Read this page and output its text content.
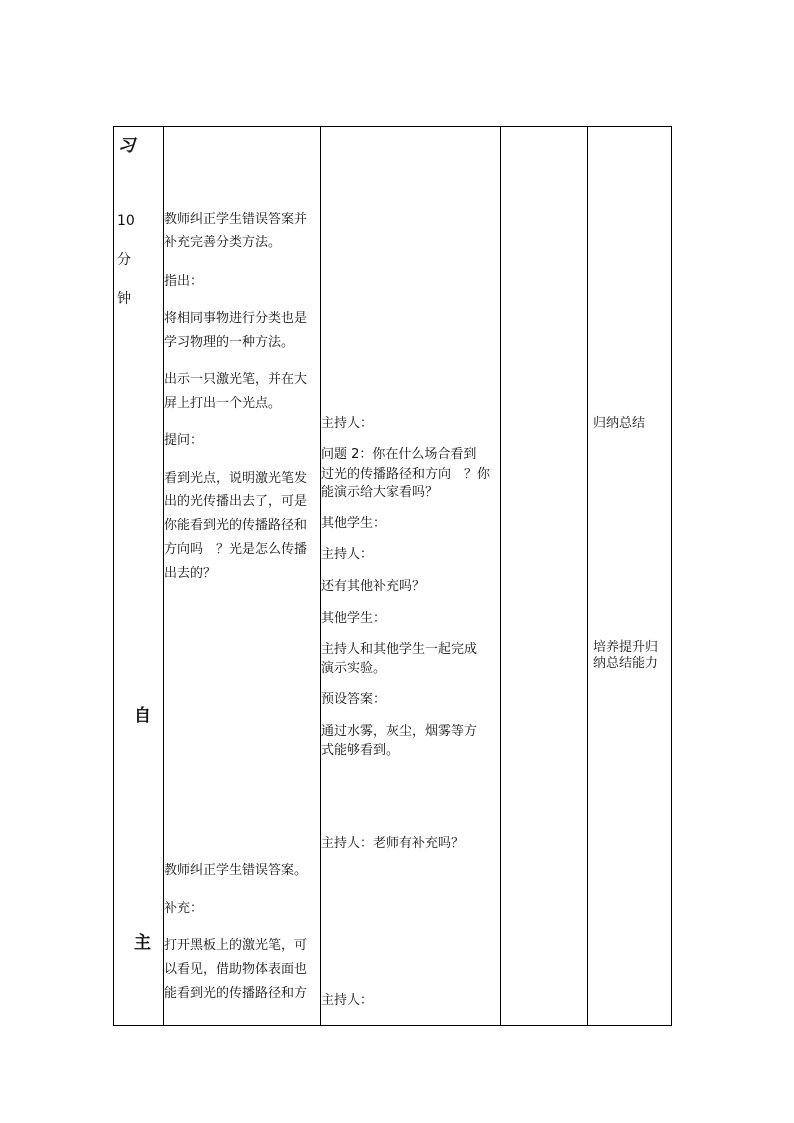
习
10
分
钟
自
主
教师纠正学生错误答案并
补充完善分类方法。
指出：
将相同事物进行分类也是
学习物理的一种方法。
出示一只激光笔，并在大
屏上打出一个光点。
提问：
看到光点，说明激光笔发
出的光传播出去了，可是
你能看到光的传播路径和
方向吗　？光是怎么传播
出去的？
教师纠正学生错误答案。
补充：
打开黑板上的激光笔，可
以看见，借助物体表面也
能看到光的传播路径和方
主持人：
问题 2：你在什么场合看到
过光的传播路径和方向　？你
能演示给大家看吗？
其他学生：
主持人：
还有其他补充吗？
其他学生：
主持人和其他学生一起完成
演示实验。
预设答案：
通过水雾，灰尘，烟雾等方
式能够看到。
主持人：老师有补充吗？
主持人：
归纳总结
培养提升归
纳总结能力
